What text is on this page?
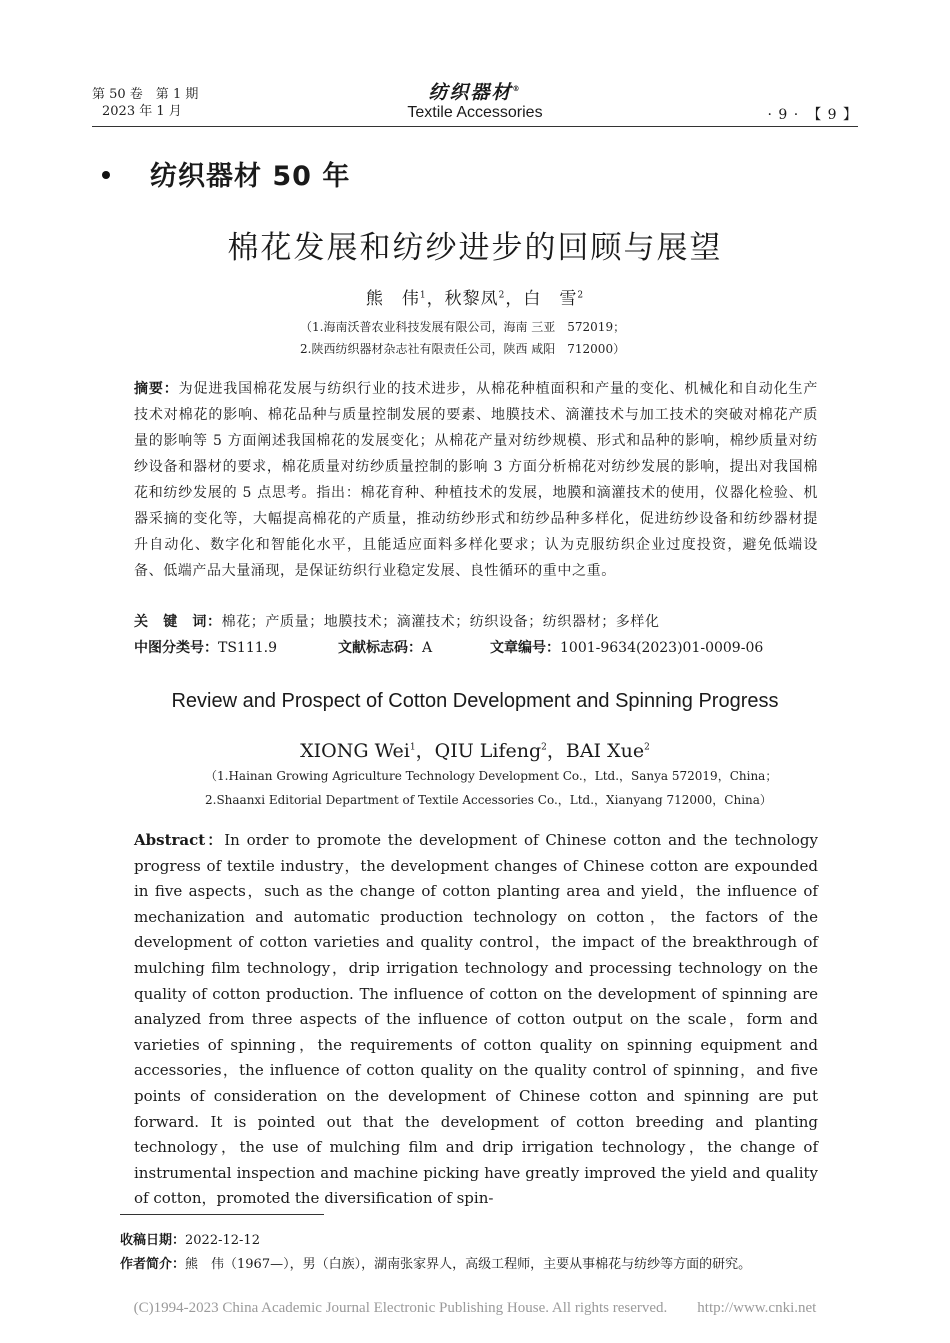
第 50 卷　第 1 期
2023 年 1 月
纺织器材®
Textile Accessories	· 9 ·　【 9 】
纺织器材 50 年
棉花发展和纺纱进步的回顾与展望
熊　伟$^1$，秋黎凤$^2$，白　雪$^2$
（1.海南沃普农业科技发展有限公司，海南 三亚　572019；
2.陕西纺织器材杂志社有限责任公司，陕西 咸阳　712000）
摘要：为促进我国棉花发展与纺织行业的技术进步，从棉花种植面积和产量的变化、机械化和自动化生产技术对棉花的影响、棉花品种与质量控制发展的要素、地膜技术、滴灌技术与加工技术的突破对棉花产质量的影响等 5 方面阐述我国棉花的发展变化；从棉花产量对纺纱规模、形式和品种的影响，棉纱质量对纺纱设备和器材的要求，棉花质量对纺纱质量控制的影响 3 方面分析棉花对纺纱发展的影响，提出对我国棉花和纺纱发展的 5 点思考。指出：棉花育种、种植技术的发展，地膜和滴灌技术的使用，仪器化检验、机器采摘的变化等，大幅提高棉花的产质量，推动纺纱形式和纺纱品种多样化，促进纺纱设备和纺纱器材提升自动化、数字化和智能化水平，且能适应面料多样化要求；认为克服纺织企业过度投资，避免低端设备、低端产品大量涌现，是保证纺织行业稳定发展、良性循环的重中之重。
关　键　词：棉花；产质量；地膜技术；滴灌技术；纺织设备；纺织器材；多样化
中图分类号：TS111.9	文献标志码：A	文章编号：1001-9634(2023)01-0009-06
Review and Prospect of Cotton Development and Spinning Progress
XIONG Wei$^1$，QIU Lifeng$^2$，BAI Xue$^2$
（1.Hainan Growing Agriculture Technology Development Co.，Ltd.，Sanya 572019，China；
2.Shaanxi Editorial Department of Textile Accessories Co.，Ltd.，Xianyang 712000，China）
Abstract：In order to promote the development of Chinese cotton and the technology progress of textile industry，the development changes of Chinese cotton are expounded in five aspects，such as the change of cotton planting area and yield，the influence of mechanization and automatic production technology on cotton，the factors of the development of cotton varieties and quality control，the impact of the breakthrough of mulching film technology，drip irrigation technology and processing technology on the quality of cotton production. The influence of cotton on the development of spinning are analyzed from three aspects of the influence of cotton output on the scale，form and varieties of spinning，the requirements of cotton quality on spinning equipment and accessories，the influence of cotton quality on the quality control of spinning，and five points of consideration on the development of Chinese cotton and spinning are put forward. It is pointed out that the development of cotton breeding and planting technology，the use of mulching film and drip irrigation technology，the change of instrumental inspection and machine picking have greatly improved the yield and quality of cotton，promoted the diversification of spin-
收稿日期：2022-12-12
作者简介：熊　伟（1967—），男（白族），湖南张家界人，高级工程师，主要从事棉花与纺纱等方面的研究。
(C)1994-2023 China Academic Journal Electronic Publishing House. All rights reserved.　　http://www.cnki.net
